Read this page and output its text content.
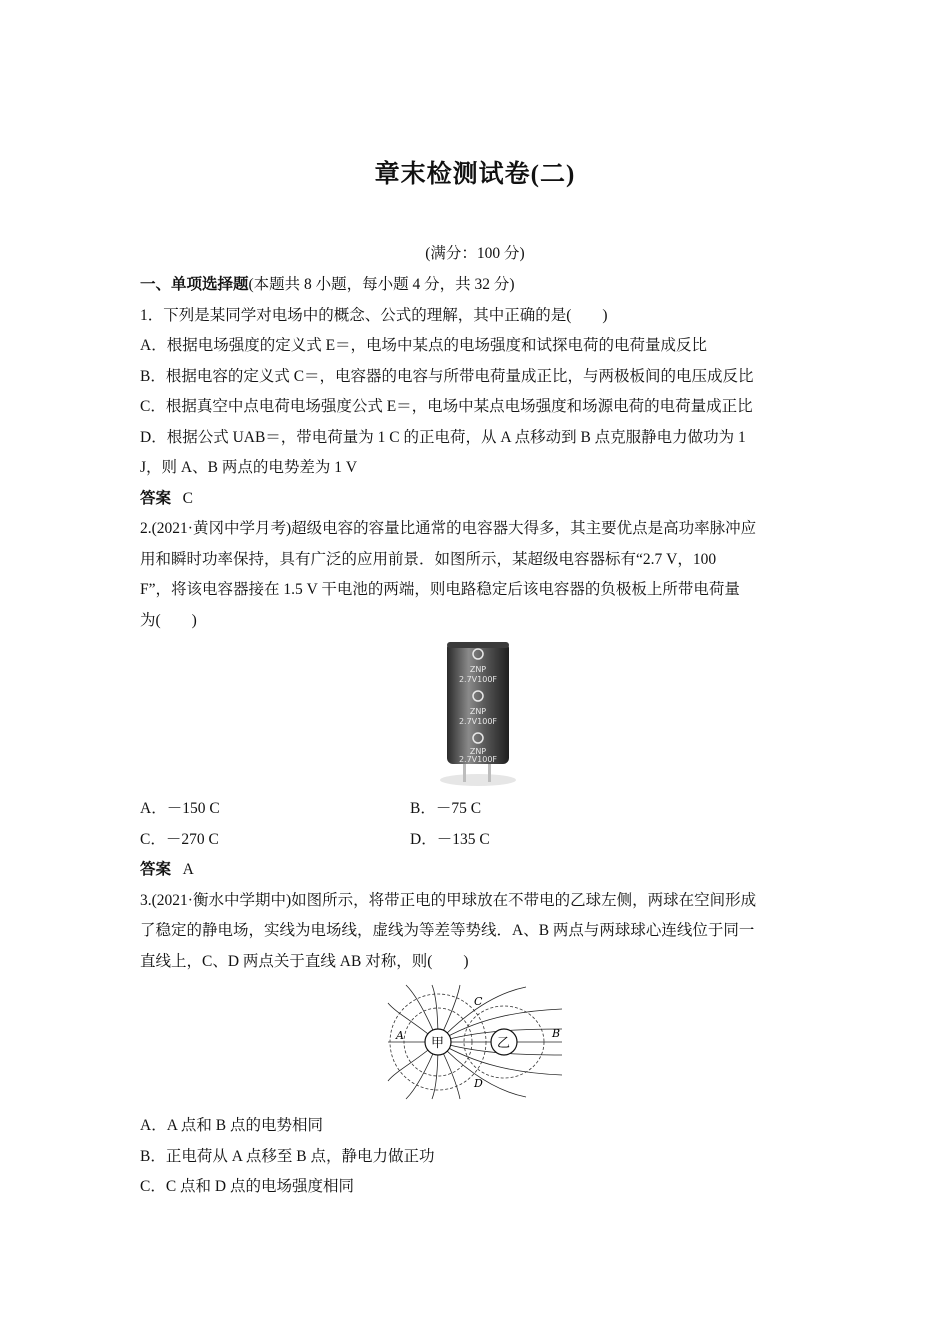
章末检测试卷(二)
(满分：100 分)
一、单项选择题(本题共 8 小题，每小题 4 分，共 32 分)
1．下列是某同学对电场中的概念、公式的理解，其中正确的是(　　)
A．根据电场强度的定义式 E＝，电场中某点的电场强度和试探电荷的电荷量成反比
B．根据电容的定义式 C＝，电容器的电容与所带电荷量成正比，与两极板间的电压成反比
C．根据真空中点电荷电场强度公式 E＝，电场中某点电场强度和场源电荷的电荷量成正比
D．根据公式 UAB＝，带电荷量为 1 C 的正电荷，从 A 点移动到 B 点克服静电力做功为 1
J，则 A、B 两点的电势差为 1 V
答案 C
2.(2021·黄冈中学月考)超级电容的容量比通常的电容器大得多，其主要优点是高功率脉冲应
用和瞬时功率保持，具有广泛的应用前景．如图所示，某超级电容器标有“2.7 V，100
F”，将该电容器接在 1.5 V 干电池的两端，则电路稳定后该电容器的负极板上所带电荷量
为(　　)
ZNP
2.7V100F
ZNP
2.7V100F
ZNP
2.7V100F
A．－150 C	B．－75 C
C．－270 C	D．－135 C
答案 A
3.(2021·衡水中学期中)如图所示，将带正电的甲球放在不带电的乙球左侧，两球在空间形成
了稳定的静电场，实线为电场线，虚线为等差等势线．A、B 两点与两球球心连线位于同一
直线上，C、D 两点关于直线 AB 对称，则(　　)
甲	乙
A	B
C
D
A．A 点和 B 点的电势相同
B．正电荷从 A 点移至 B 点，静电力做正功
C．C 点和 D 点的电场强度相同
